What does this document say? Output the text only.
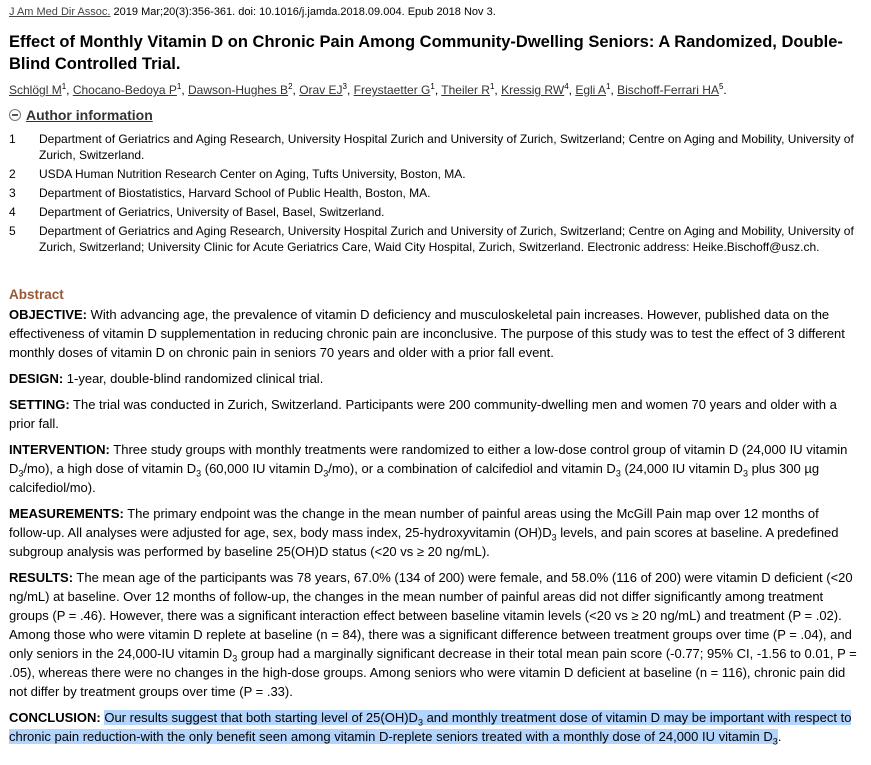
J Am Med Dir Assoc. 2019 Mar;20(3):356-361. doi: 10.1016/j.jamda.2018.09.004. Epub 2018 Nov 3.
Effect of Monthly Vitamin D on Chronic Pain Among Community-Dwelling Seniors: A Randomized, Double-Blind Controlled Trial.
Schlögl $M^1$, Chocano-Bedoya $P^1$, Dawson-Hughes $B^2$, Orav $EJ^3$, Freystaetter $G^1$, Theiler $R^1$, Kressig $RW^4$, Egli $A^1$, Bischoff-Ferrari $HA^5$.
Author information
1	Department of Geriatrics and Aging Research, University Hospital Zurich and University of Zurich, Switzerland; Centre on Aging and Mobility, University of Zurich, Switzerland.
2	USDA Human Nutrition Research Center on Aging, Tufts University, Boston, MA.
3	Department of Biostatistics, Harvard School of Public Health, Boston, MA.
4	Department of Geriatrics, University of Basel, Basel, Switzerland.
5	Department of Geriatrics and Aging Research, University Hospital Zurich and University of Zurich, Switzerland; Centre on Aging and Mobility, University of Zurich, Switzerland; University Clinic for Acute Geriatrics Care, Waid City Hospital, Zurich, Switzerland. Electronic address: Heike.Bischoff@usz.ch.
Abstract

OBJECTIVE: With advancing age, the prevalence of vitamin D deficiency and musculoskeletal pain increases. However, published data on the effectiveness of vitamin D supplementation in reducing chronic pain are inconclusive. The purpose of this study was to test the effect of 3 different monthly doses of vitamin D on chronic pain in seniors 70 years and older with a prior fall event.

DESIGN: 1-year, double-blind randomized clinical trial.

SETTING: The trial was conducted in Zurich, Switzerland. Participants were 200 community-dwelling men and women 70 years and older with a prior fall.

INTERVENTION: Three study groups with monthly treatments were randomized to either a low-dose control group of vitamin D (24,000 IU vitamin $D_3/mo$), a high dose of vitamin $D_3$ (60,000 IU vitamin $D_3/mo$), or a combination of calcifediol and vitamin $D_3$ (24,000 IU vitamin $D_3$ plus 300 µg calcifediol/mo).

MEASUREMENTS: The primary endpoint was the change in the mean number of painful areas using the McGill Pain map over 12 months of follow-up. All analyses were adjusted for age, sex, body mass index, 25-hydroxyvitamin $(OH)D_3$ levels, and pain scores at baseline. A predefined subgroup analysis was performed by baseline 25(OH)D status (<20 vs ≥ 20 ng/mL).

RESULTS: The mean age of the participants was 78 years, 67.0% (134 of 200) were female, and 58.0% (116 of 200) were vitamin D deficient (<20 ng/mL) at baseline. Over 12 months of follow-up, the changes in the mean number of painful areas did not differ significantly among treatment groups (P = .46). However, there was a significant interaction effect between baseline vitamin levels (<20 vs ≥ 20 ng/mL) and treatment (P = .02). Among those who were vitamin D replete at baseline (n = 84), there was a significant difference between treatment groups over time (P = .04), and only seniors in the 24,000-IU vitamin $D_3$ group had a marginally significant decrease in their total mean pain score (-0.77; 95% CI, -1.56 to 0.01, P = .05), whereas there were no changes in the high-dose groups. Among seniors who were vitamin D deficient at baseline (n = 116), chronic pain did not differ by treatment groups over time (P = .33).

CONCLUSION: Our results suggest that both starting level of $25(OH)D_3$ and monthly treatment dose of vitamin D may be important with respect to chronic pain reduction-with the only benefit seen among vitamin D-replete seniors treated with a monthly dose of 24,000 IU vitamin $D_3$.
